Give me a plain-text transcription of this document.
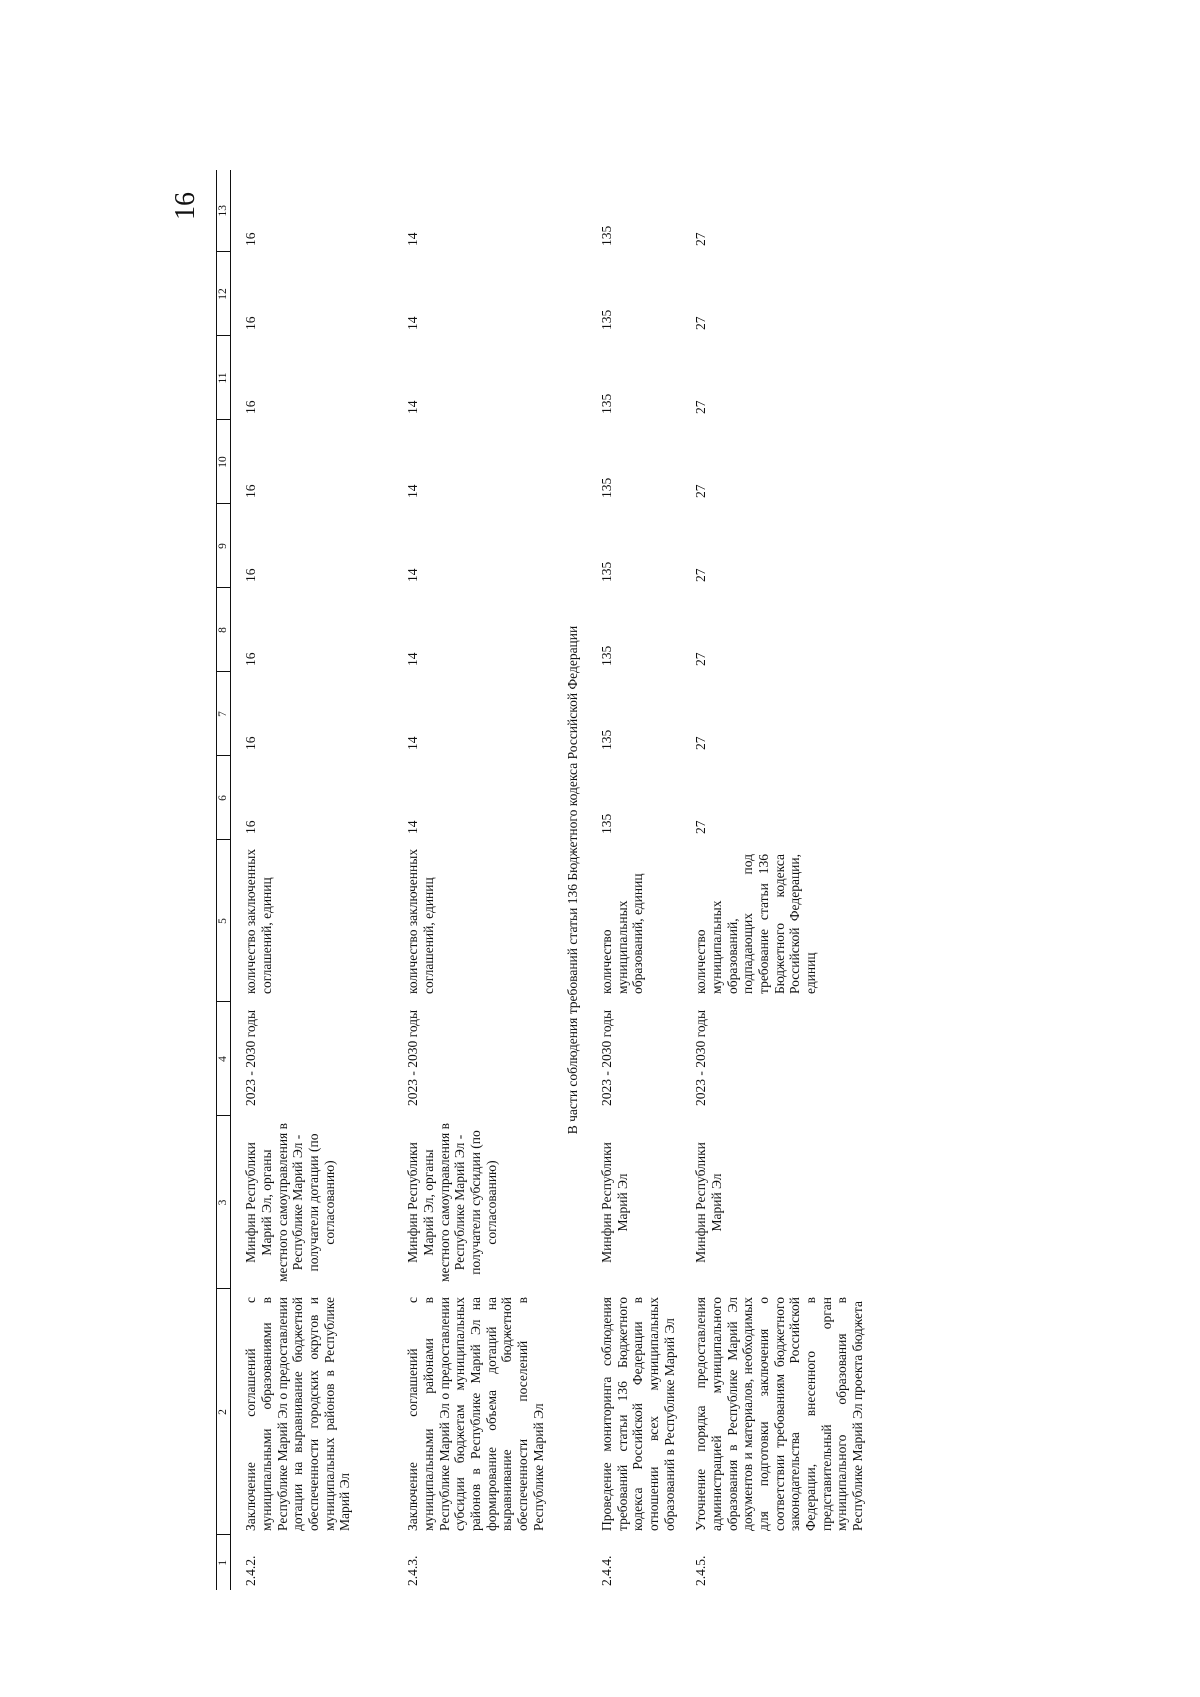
16
1	2	3	4	5	6	7	8	9	10	11	12	13
2.4.2.	Заключение соглашений с муниципальными образованиями в Республике Марий Эл о предоставлении дотации на выравнивание бюджетной обеспеченности городских округов и муниципальных районов в Республике Марий Эл	Минфин Республики Марий Эл, органы местного самоуправления в Республике Марий Эл - получатели дотации (по согласованию)	2023 - 2030 годы	количество заключенных соглашений, единиц	16	16	16	16	16	16	16	16
2.4.3.	Заключение соглашений с муниципальными районами в Республике Марий Эл о предоставлении субсидии бюджетам муниципальных районов в Республике Марий Эл на формирование объема дотаций на выравнивание бюджетной обеспеченности поселений в Республике Марий Эл	Минфин Республики Марий Эл, органы местного самоуправления в Республике Марий Эл - получатели субсидии (по согласованию)	2023 - 2030 годы	количество заключенных соглашений, единиц	14	14	14	14	14	14	14	14
В части соблюдения требований статьи 136 Бюджетного кодекса Российской Федерации												
2.4.4.	Проведение мониторинга соблюдения требований статьи 136 Бюджетного кодекса Российской Федерации в отношении всех муниципальных образований в Республике Марий Эл	Минфин Республики Марий Эл	2023 - 2030 годы	количество муниципальных образований, единиц	135	135	135	135	135	135	135	135
2.4.5.	Уточнение порядка предоставления администрацией муниципального образования в Республике Марий Эл документов и материалов, необходимых для подготовки заключения о соответствии требованиям бюджетного законодательства Российской Федерации, внесенного в представительный орган муниципального образования в Республике Марий Эл проекта бюджета	Минфин Республики Марий Эл	2023 - 2030 годы	количество муниципальных образований, подпадающих под требование статьи 136 Бюджетного кодекса Российской Федерации, единиц	27	27	27	27	27	27	27	27
